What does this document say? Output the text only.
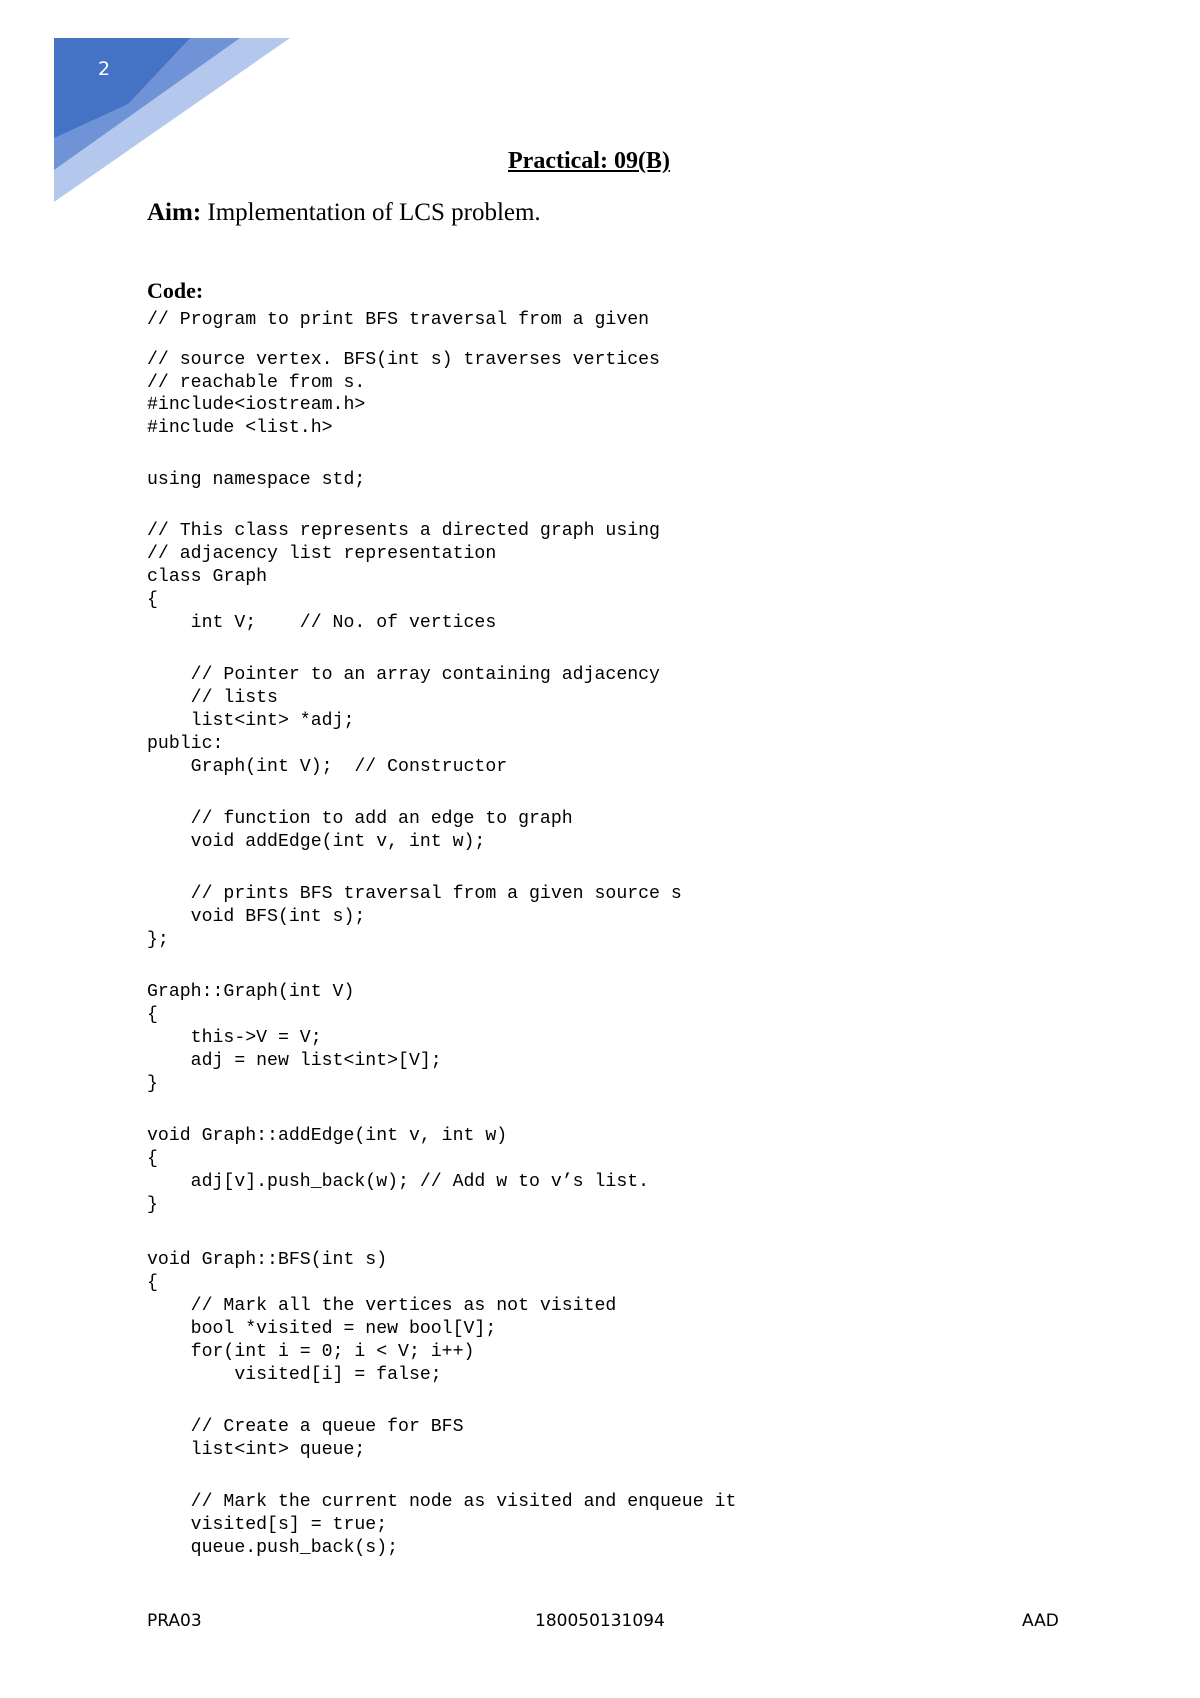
2
Practical: 09(B)
Aim: Implementation of LCS problem.
Code:
// Program to print BFS traversal from a given
// source vertex. BFS(int s) traverses vertices
// reachable from s.
#include<iostream.h>
#include <list.h>
using namespace std;
// This class represents a directed graph using
// adjacency list representation
class Graph
{
int V;    // No. of vertices
// Pointer to an array containing adjacency
// lists
list<int> *adj;
public:
Graph(int V);  // Constructor
// function to add an edge to graph
void addEdge(int v, int w);
// prints BFS traversal from a given source s
void BFS(int s);
};
Graph::Graph(int V)
{
this->V = V;
adj = new list<int>[V];
}
void Graph::addEdge(int v, int w)
{
adj[v].push_back(w); // Add w to v’s list.
}
void Graph::BFS(int s)
{
// Mark all the vertices as not visited
bool *visited = new bool[V];
for(int i = 0; i < V; i++)
visited[i] = false;
// Create a queue for BFS
list<int> queue;
// Mark the current node as visited and enqueue it
visited[s] = true;
queue.push_back(s);
PRA03	180050131094	AAD
